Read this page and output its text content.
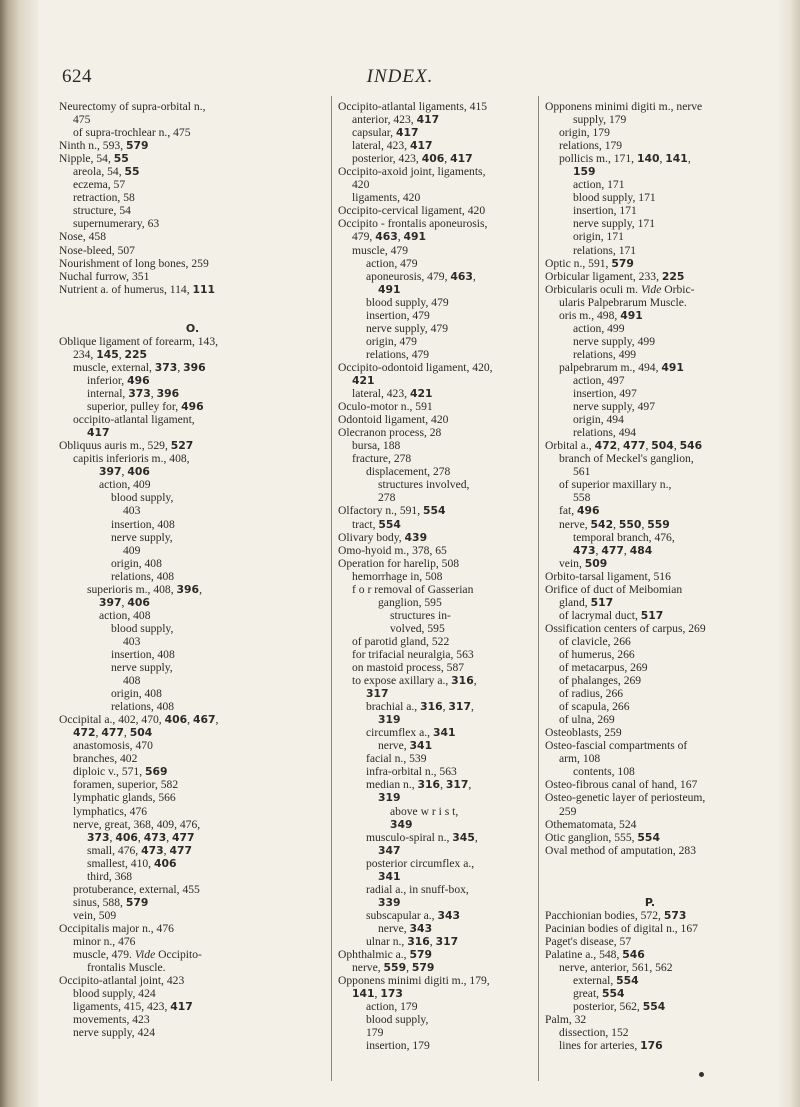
624	INDEX.
Neurectomy of supra-orbital n.,
475
of supra-trochlear n., 475
Ninth n., 593, 579
Nipple, 54, 55
areola, 54, 55
eczema, 57
retraction, 58
structure, 54
supernumerary, 63
Nose, 458
Nose-bleed, 507
Nourishment of long bones, 259
Nuchal furrow, 351
Nutrient a. of humerus, 114, 111
O.
Oblique ligament of forearm, 143,
234, 145, 225
muscle, external, 373, 396
inferior, 496
internal, 373, 396
superior, pulley for, 496
occipito-atlantal ligament,
417
Obliquus auris m., 529, 527
capitis inferioris m., 408,
397, 406
action, 409
blood supply,
403
insertion, 408
nerve supply,
409
origin, 408
relations, 408
superioris m., 408, 396,
397, 406
action, 408
blood supply,
403
insertion, 408
nerve supply,
408
origin, 408
relations, 408
Occipital a., 402, 470, 406, 467,
472, 477, 504
anastomosis, 470
branches, 402
diploic v., 571, 569
foramen, superior, 582
lymphatic glands, 566
lymphatics, 476
nerve, great, 368, 409, 476,
373, 406, 473, 477
small, 476, 473, 477
smallest, 410, 406
third, 368
protuberance, external, 455
sinus, 588, 579
vein, 509
Occipitalis major n., 476
minor n., 476
muscle, 479. Vide Occipito-
frontalis Muscle.
Occipito-atlantal joint, 423
blood supply, 424
ligaments, 415, 423, 417
movements, 423
nerve supply, 424
Occipito-atlantal ligaments, 415
anterior, 423, 417
capsular, 417
lateral, 423, 417
posterior, 423, 406, 417
Occipito-axoid joint, ligaments,
420
ligaments, 420
Occipito-cervical ligament, 420
Occipito - frontalis aponeurosis,
479, 463, 491
muscle, 479
action, 479
aponeurosis, 479, 463,
491
blood supply, 479
insertion, 479
nerve supply, 479
origin, 479
relations, 479
Occipito-odontoid ligament, 420,
421
lateral, 423, 421
Oculo-motor n., 591
Odontoid ligament, 420
Olecranon process, 28
bursa, 188
fracture, 278
displacement, 278
structures involved,
278
Olfactory n., 591, 554
tract, 554
Olivary body, 439
Omo-hyoid m., 378, 65
Operation for harelip, 508
hemorrhage in, 508
f o r removal of Gasserian
ganglion, 595
structures in-
volved, 595
of parotid gland, 522
for trifacial neuralgia, 563
on mastoid process, 587
to expose axillary a., 316,
317
brachial a., 316, 317,
319
circumflex a., 341
nerve, 341
facial n., 539
infra-orbital n., 563
median n., 316, 317,
319
above w r i s t,
349
musculo-spiral n., 345,
347
posterior circumflex a.,
341
radial a., in snuff-box,
339
subscapular a., 343
nerve, 343
ulnar n., 316, 317
Ophthalmic a., 579
nerve, 559, 579
Opponens minimi digiti m., 179,
141, 173
action, 179
blood supply,
179
insertion, 179
Opponens minimi digiti m., nerve
supply, 179
origin, 179
relations, 179
pollicis m., 171, 140, 141,
159
action, 171
blood supply, 171
insertion, 171
nerve supply, 171
origin, 171
relations, 171
Optic n., 591, 579
Orbicular ligament, 233, 225
Orbicularis oculi m. Vide Orbic-
ularis Palpebrarum Muscle.
oris m., 498, 491
action, 499
nerve supply, 499
relations, 499
palpebrarum m., 494, 491
action, 497
insertion, 497
nerve supply, 497
origin, 494
relations, 494
Orbital a., 472, 477, 504, 546
branch of Meckel's ganglion,
561
of superior maxillary n.,
558
fat, 496
nerve, 542, 550, 559
temporal branch, 476,
473, 477, 484
vein, 509
Orbito-tarsal ligament, 516
Orifice of duct of Meibomian
gland, 517
of lacrymal duct, 517
Ossification centers of carpus, 269
of clavicle, 266
of humerus, 266
of metacarpus, 269
of phalanges, 269
of radius, 266
of scapula, 266
of ulna, 269
Osteoblasts, 259
Osteo-fascial compartments of
arm, 108
contents, 108
Osteo-fibrous canal of hand, 167
Osteo-genetic layer of periosteum,
259
Othematomata, 524
Otic ganglion, 555, 554
Oval method of amputation, 283
P.
Pacchionian bodies, 572, 573
Pacinian bodies of digital n., 167
Paget's disease, 57
Palatine a., 548, 546
nerve, anterior, 561, 562
external, 554
great, 554
posterior, 562, 554
Palm, 32
dissection, 152
lines for arteries, 176
